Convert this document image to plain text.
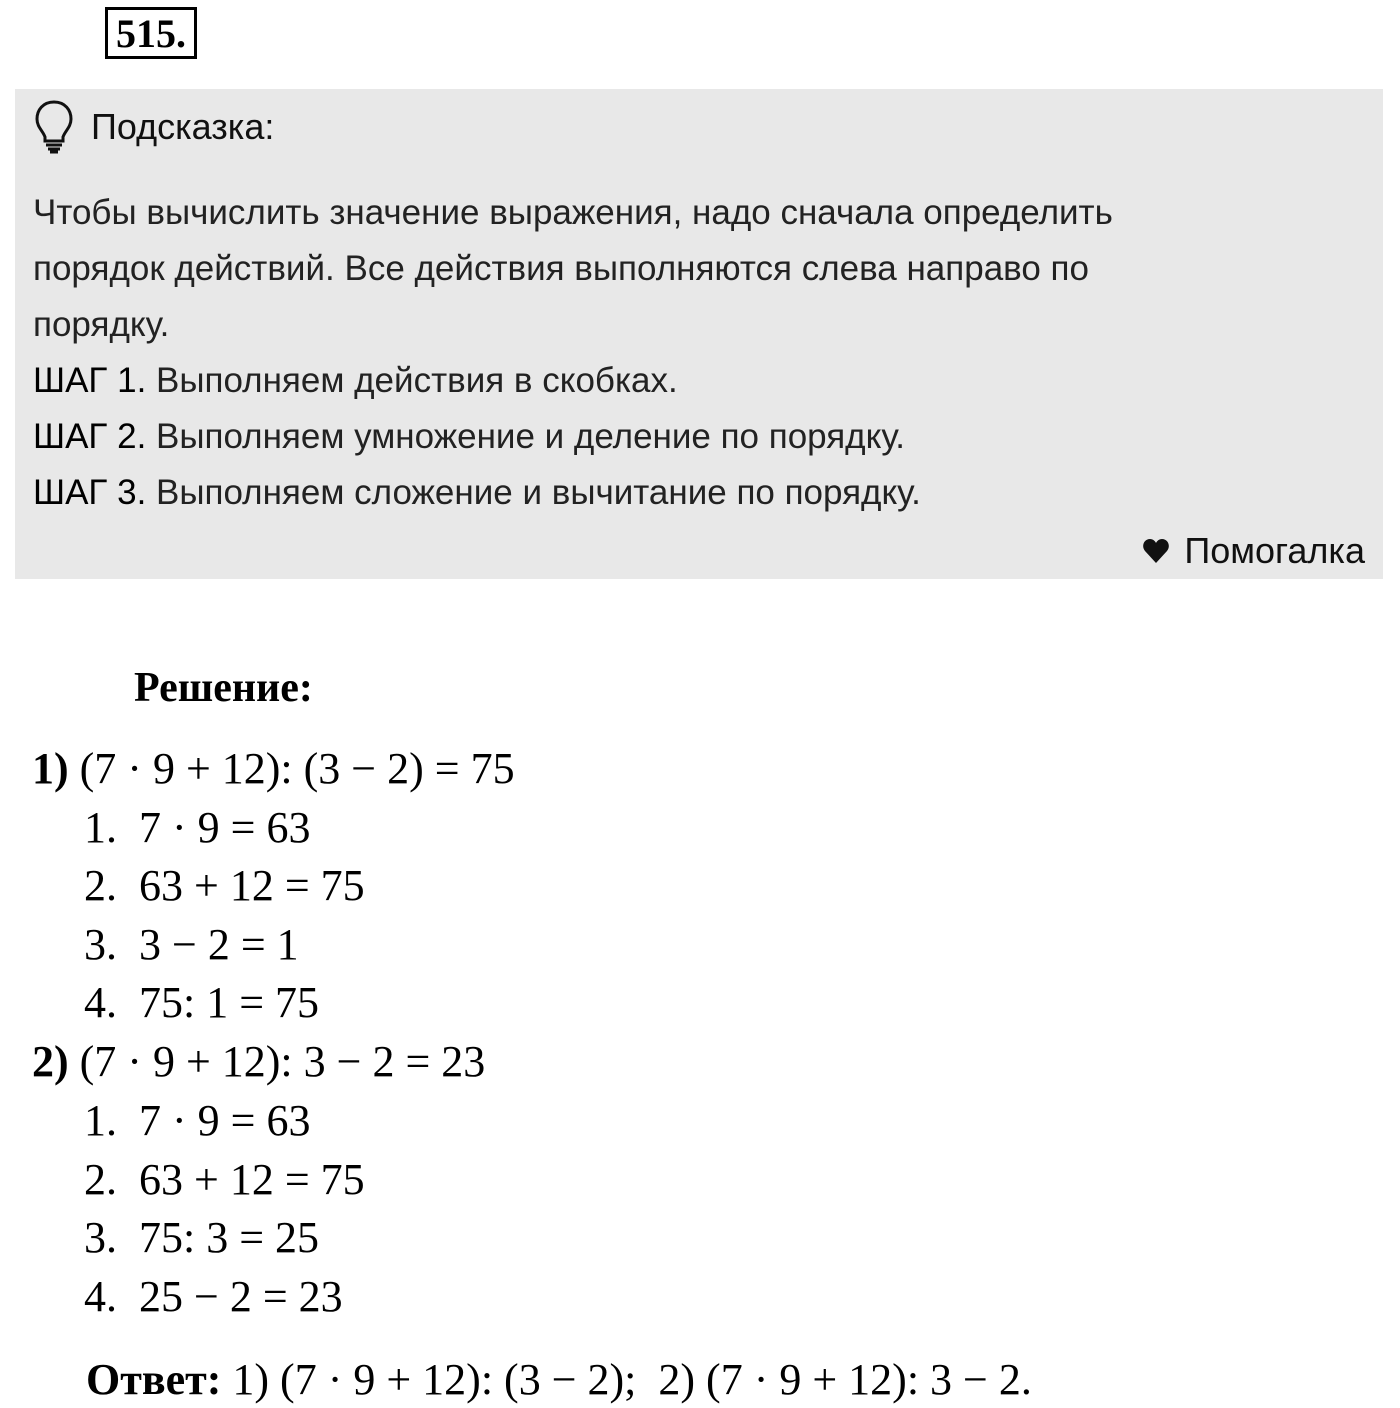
515.
Подсказка:

Чтобы вычислить значение выражения, надо сначала определить

порядок действий. Все действия выполняются слева направо по

порядку.

ШАГ 1. Выполняем действия в скобках.

ШАГ 2. Выполняем умножение и деление по порядку.

ШАГ 3. Выполняем сложение и вычитание по порядку.

Помогалка
Решение:
1) (7 · 9 + 12): (3 − 2) = 75
1.  7 · 9 = 63
2.  63 + 12 = 75
3.  3 − 2 = 1
4.  75: 1 = 75
2) (7 · 9 + 12): 3 − 2 = 23
1.  7 · 9 = 63
2.  63 + 12 = 75
3.  75: 3 = 25
4.  25 − 2 = 23
Ответ: 1) (7 · 9 + 12): (3 − 2);  2) (7 · 9 + 12): 3 − 2.
